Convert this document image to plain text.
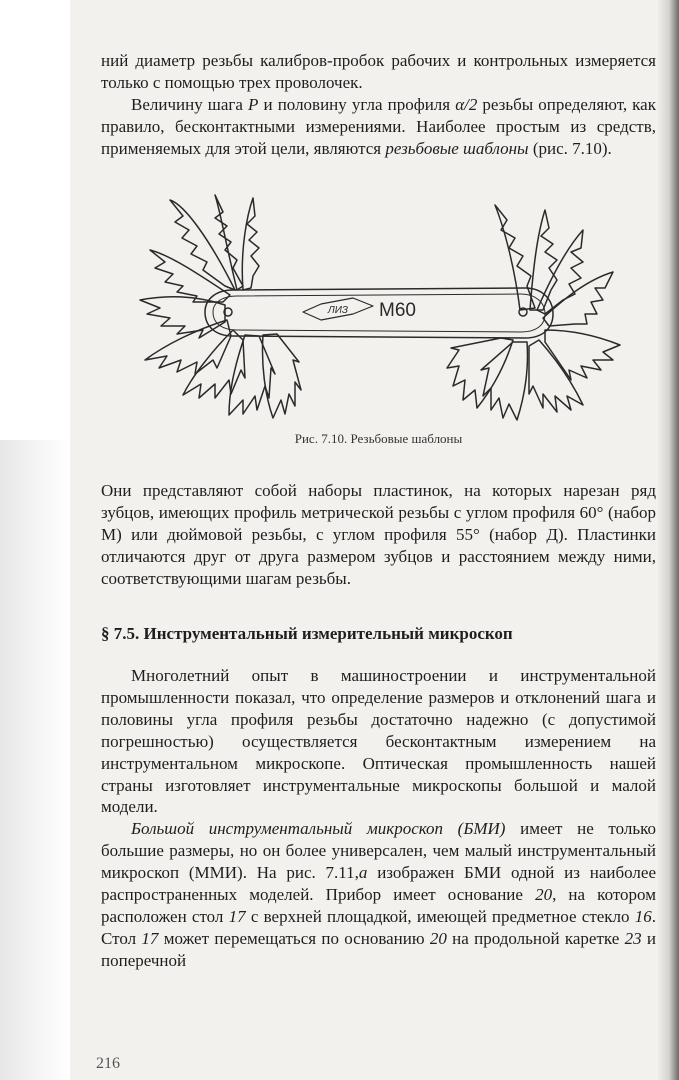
ний диаметр резьбы калибров-пробок рабочих и контрольных измеряется только с помощью трех проволочек.

Величину шага P и половину угла профиля α/2 резьбы определяют, как правило, бесконтактными измерениями. Наиболее простым из средств, применяемых для этой цели, являются резьбовые шаблоны (рис. 7.10).

ЛИЗ М60
Рис. 7.10. Резьбовые шаблоны

Они представляют собой наборы пластинок, на которых нарезан ряд зубцов, имеющих профиль метрической резьбы с углом профиля 60° (набор М) или дюймовой резьбы, с углом профиля 55° (набор Д). Пластинки отличаются друг от друга размером зубцов и расстоянием между ними, соответствующими шагам резьбы.

§ 7.5. Инструментальный измерительный микроскоп

Многолетний опыт в машиностроении и инструментальной промышленности показал, что определение размеров и отклонений шага и половины угла профиля резьбы достаточно надежно (с допустимой погрешностью) осуществляется бесконтактным измерением на инструментальном микроскопе. Оптическая промышленность нашей страны изготовляет инструментальные микроскопы большой и малой модели.

Большой инструментальный микроскоп (БМИ) имеет не только большие размеры, но он более универсален, чем малый инструментальный микроскоп (ММИ). На рис. 7.11,а изображен БМИ одной из наиболее распространенных моделей. Прибор имеет основание 20, на котором расположен стол 17 с верхней площадкой, имеющей предметное стекло 16. Стол 17 может перемещаться по основанию 20 на продольной каретке 23 и поперечной

216
